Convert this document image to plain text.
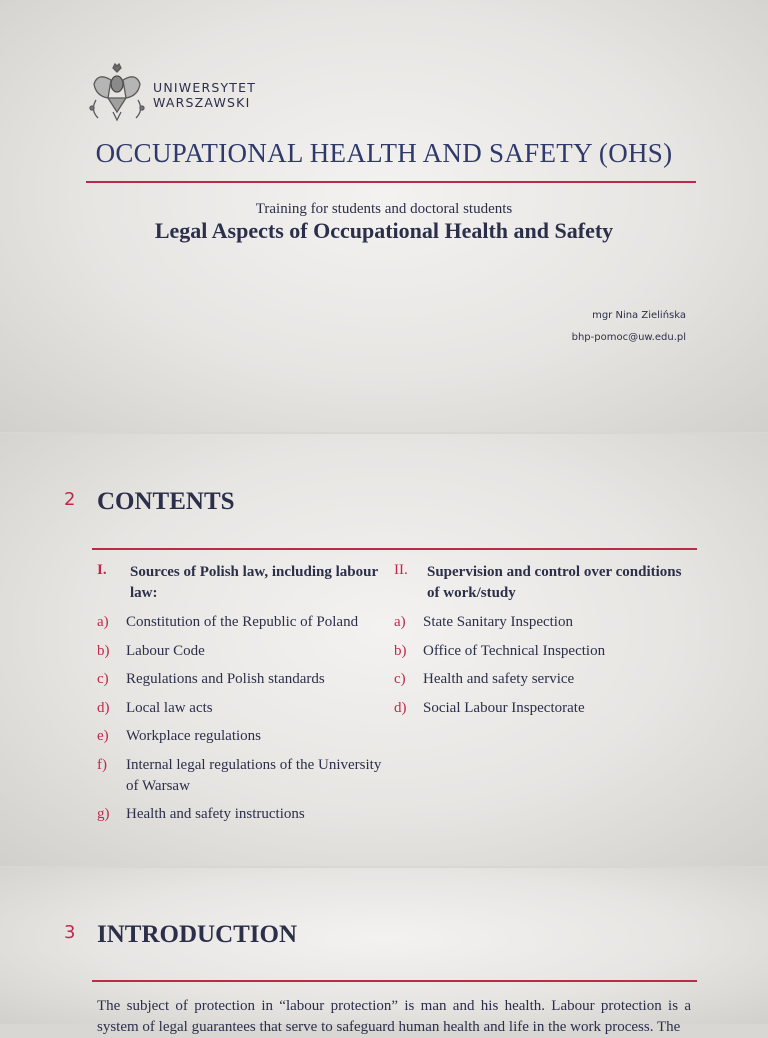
UNIWERSYTET
WARSZAWSKI
OCCUPATIONAL HEALTH AND SAFETY (OHS)
Training for students and doctoral students
Legal Aspects of Occupational Health and Safety
mgr Nina Zielińska
bhp-pomoc@uw.edu.pl
2 CONTENTS
I.	Sources of Polish law, including labour law:
a)	Constitution of the Republic of Poland
b)	Labour Code
c)	Regulations and Polish standards
d)	Local law acts
e)	Workplace regulations
f)	Internal legal regulations of the University of Warsaw
g)	Health and safety instructions
II.	Supervision and control over conditions of work/study
a)	State Sanitary Inspection
b)	Office of Technical Inspection
c)	Health and safety service
d)	Social Labour Inspectorate
3 INTRODUCTION
The subject of protection in “labour protection” is man and his health. Labour protection is a system of legal guarantees that serve to safeguard human health and life in the work process. The
